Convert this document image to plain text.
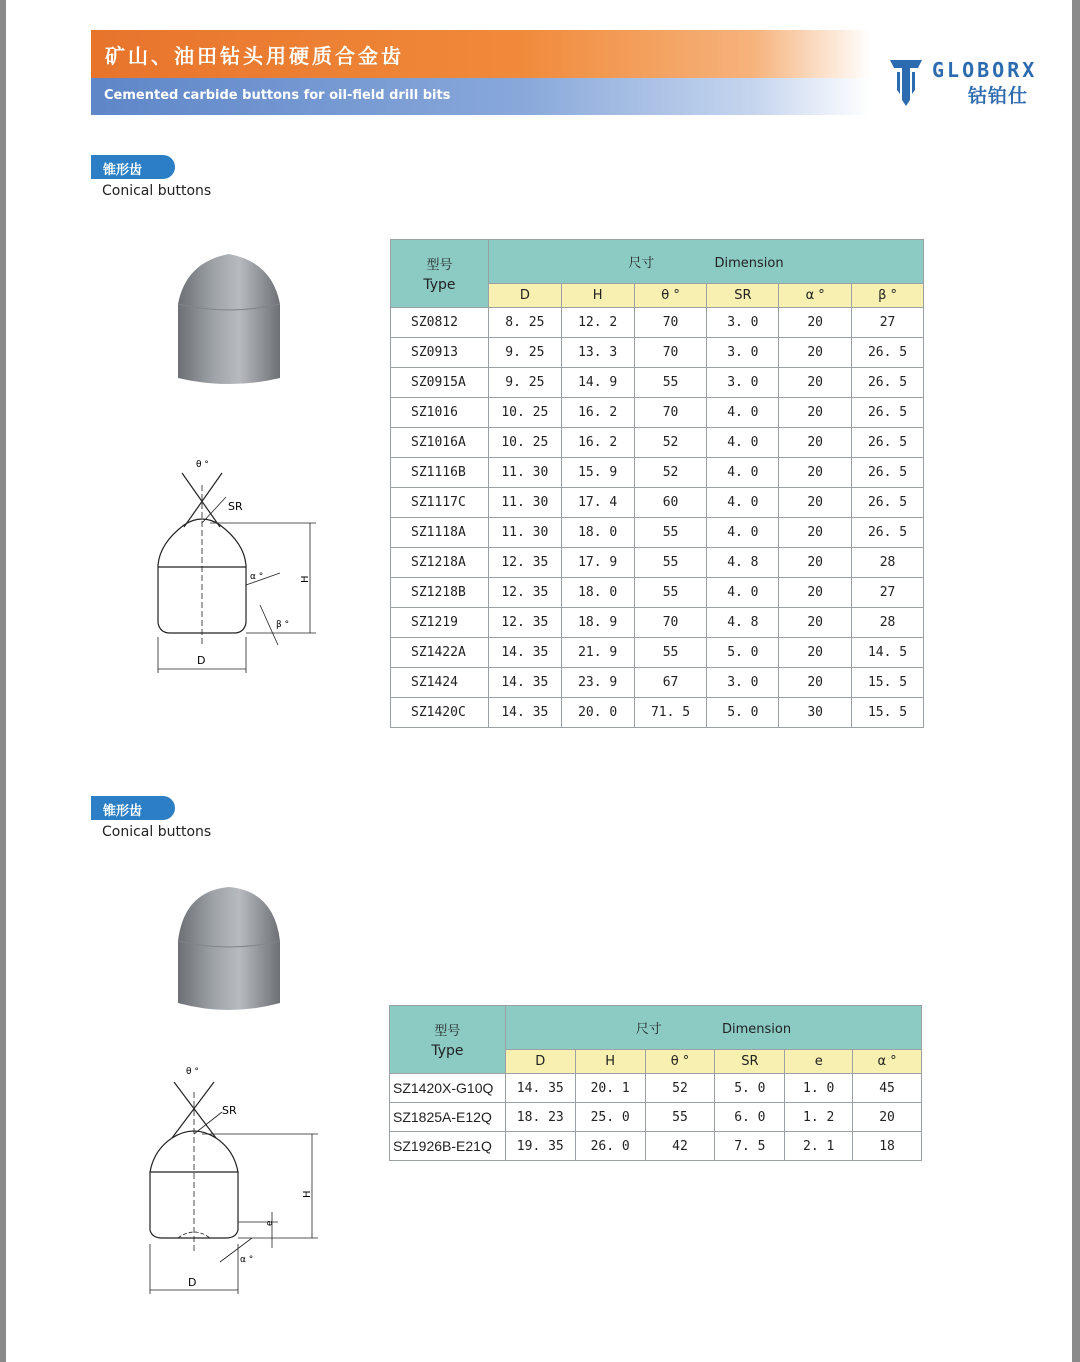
矿山、油田钻头用硬质合金齿
Cemented carbide buttons for oil-field drill bits
GLOBORX
钴铂仕
锥形齿
Conical buttons
θ °
SR
α °
β °
H
D
型号
Type	尺寸 Dimension					
	D	H	θ °	SR	α °	β °
SZ0812	8. 25	12. 2	70	3. 0	20	27
SZ0913	9. 25	13. 3	70	3. 0	20	26. 5
SZ0915A	9. 25	14. 9	55	3. 0	20	26. 5
SZ1016	10. 25	16. 2	70	4. 0	20	26. 5
SZ1016A	10. 25	16. 2	52	4. 0	20	26. 5
SZ1116B	11. 30	15. 9	52	4. 0	20	26. 5
SZ1117C	11. 30	17. 4	60	4. 0	20	26. 5
SZ1118A	11. 30	18. 0	55	4. 0	20	26. 5
SZ1218A	12. 35	17. 9	55	4. 8	20	28
SZ1218B	12. 35	18. 0	55	4. 0	20	27
SZ1219	12. 35	18. 9	70	4. 8	20	28
SZ1422A	14. 35	21. 9	55	5. 0	20	14. 5
SZ1424	14. 35	23. 9	67	3. 0	20	15. 5
SZ1420C	14. 35	20. 0	71. 5	5. 0	30	15. 5
锥形齿
Conical buttons
θ °
SR
e
α °
H
D
型号
Type	尺寸 Dimension					
	D	H	θ °	SR	e	α °
SZ1420X-G10Q	14. 35	20. 1	52	5. 0	1. 0	45
SZ1825A-E12Q	18. 23	25. 0	55	6. 0	1. 2	20
SZ1926B-E21Q	19. 35	26. 0	42	7. 5	2. 1	18
